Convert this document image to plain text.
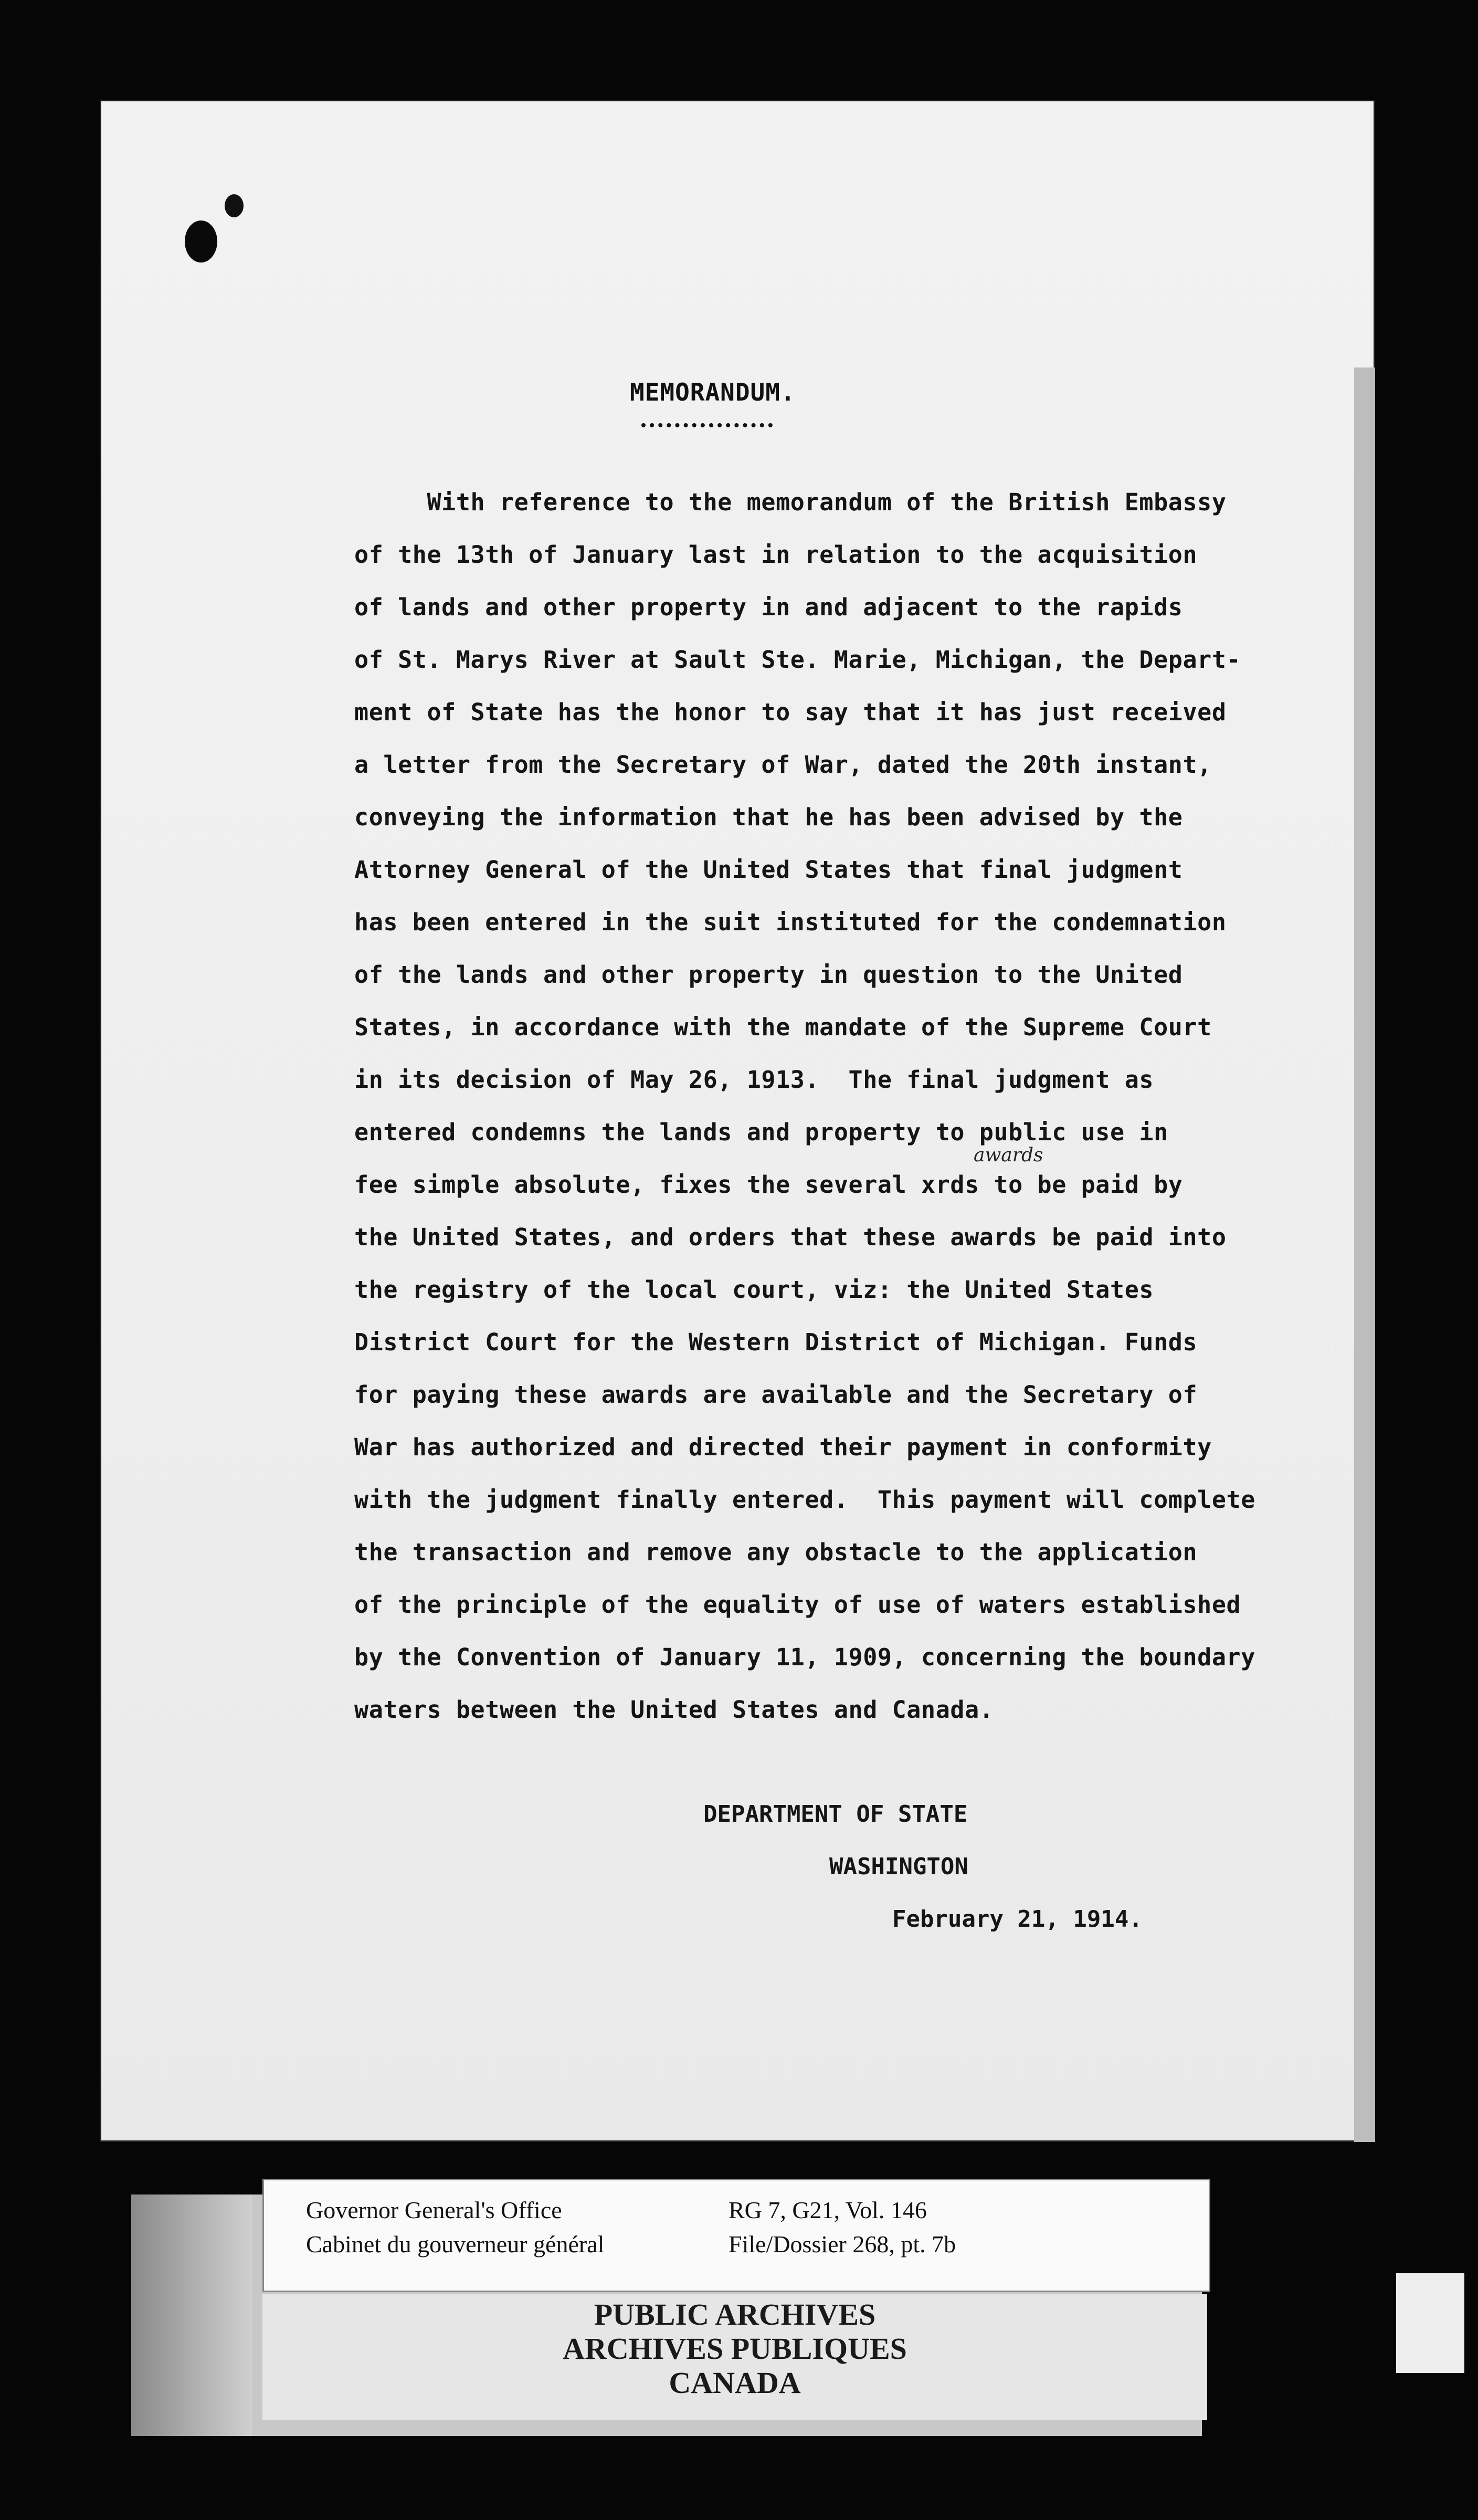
MEMORANDUM.
With reference to the memorandum of the British Embassy
of the 13th of January last in relation to the acquisition
of lands and other property in and adjacent to the rapids
of St. Marys River at Sault Ste. Marie, Michigan, the Depart-
ment of State has the honor to say that it has just received
a letter from the Secretary of War, dated the 20th instant,
conveying the information that he has been advised by the
Attorney General of the United States that final judgment
has been entered in the suit instituted for the condemnation
of the lands and other property in question to the United
States, in accordance with the mandate of the Supreme Court
in its decision of May 26, 1913.  The final judgment as
entered condemns the lands and property to public use in
awards
fee simple absolute, fixes the several xrds to be paid by
the United States, and orders that these awards be paid into
the registry of the local court, viz: the United States
District Court for the Western District of Michigan. Funds
for paying these awards are available and the Secretary of
War has authorized and directed their payment in conformity
with the judgment finally entered.  This payment will complete
the transaction and remove any obstacle to the application
of the principle of the equality of use of waters established
by the Convention of January 11, 1909, concerning the boundary
waters between the United States and Canada.
DEPARTMENT OF STATE
WASHINGTON
February 21, 1914.
Governor General's Office
Cabinet du gouverneur général
RG 7, G21, Vol. 146
File/Dossier 268, pt. 7b
PUBLIC ARCHIVES
ARCHIVES PUBLIQUES
CANADA
